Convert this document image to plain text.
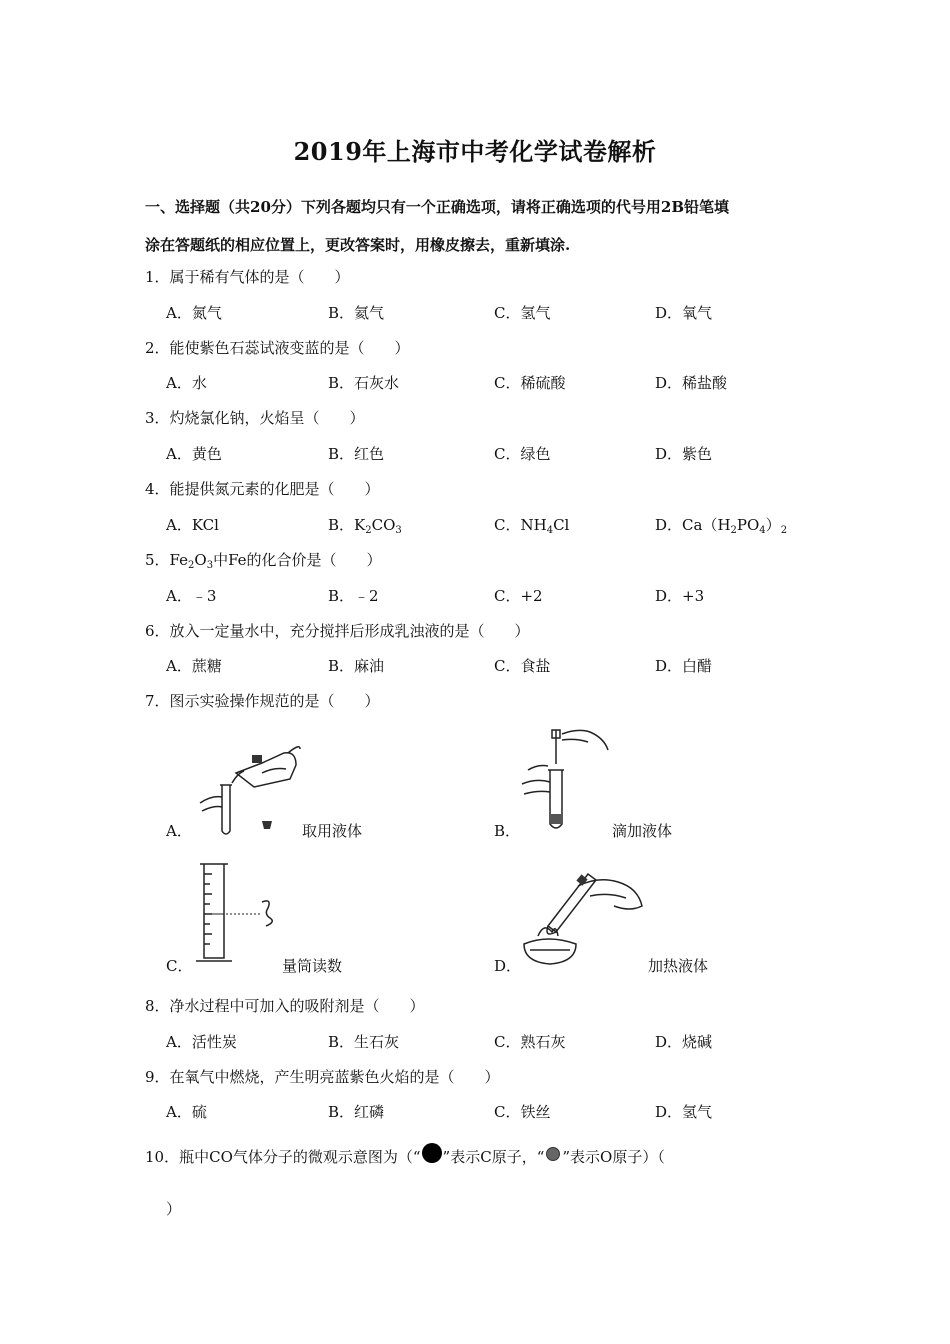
2019年上海市中考化学试卷解析
一、选择题（共20分）下列各题均只有一个正确选项，请将正确选项的代号用2B铅笔填
涂在答题纸的相应位置上，更改答案时，用橡皮擦去，重新填涂.
1．属于稀有气体的是（　　）
A．氮气	B．氦气	C．氢气	D．氧气
2．能使紫色石蕊试液变蓝的是（　　）
A．水	B．石灰水	C．稀硫酸	D．稀盐酸
3．灼烧氯化钠，火焰呈（　　）
A．黄色	B．红色	C．绿色	D．紫色
4．能提供氮元素的化肥是（　　）
A．KCl	B．$K_2CO_3$	C．$NH_4Cl$	D．$Ca(H_2PO_4)_2$
5．$Fe_2O_3$中Fe的化合价是（　　）
A．﹣3	B．﹣2	C．+2	D．+3
6．放入一定量水中，充分搅拌后形成乳浊液的是（　　）
A．蔗糖	B．麻油	C．食盐	D．白醋
7．图示实验操作规范的是（　　）
A．	取用液体	B．	滴加液体
C．	量筒读数	D．	加热液体
8．净水过程中可加入的吸附剂是（　　）
A．活性炭	B．生石灰	C．熟石灰	D．烧碱
9．在氧气中燃烧，产生明亮蓝紫色火焰的是（　　）
A．硫	B．红磷	C．铁丝	D．氢气
10．瓶中CO气体分子的微观示意图为（“ ”表示C原子，“ ”表示O原子）（
）
